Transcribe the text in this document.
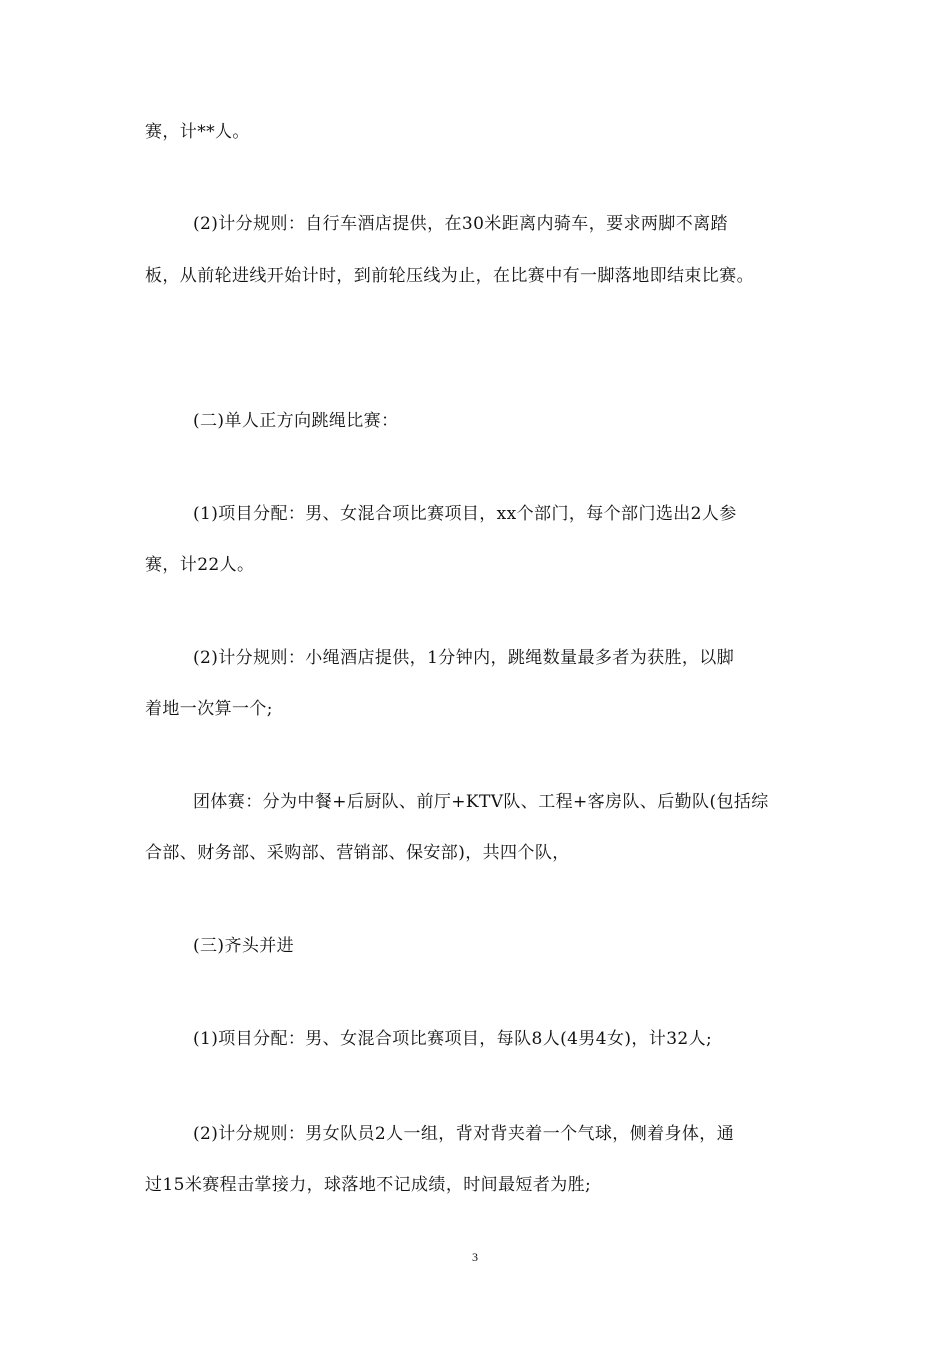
赛，计**人。
(2)计分规则：自行车酒店提供，在30米距离内骑车，要求两脚不离踏
板，从前轮进线开始计时，到前轮压线为止，在比赛中有一脚落地即结束比赛。
(二)单人正方向跳绳比赛：
(1)项目分配：男、女混合项比赛项目，xx个部门，每个部门选出2人参
赛，计22人。
(2)计分规则：小绳酒店提供，1分钟内，跳绳数量最多者为获胜，以脚
着地一次算一个;
团体赛：分为中餐+后厨队、前厅+KTV队、工程+客房队、后勤队(包括综
合部、财务部、采购部、营销部、保安部)，共四个队，
(三)齐头并进
(1)项目分配：男、女混合项比赛项目，每队8人(4男4女)，计32人;
(2)计分规则：男女队员2人一组，背对背夹着一个气球，侧着身体，通
过15米赛程击掌接力，球落地不记成绩，时间最短者为胜;
3
